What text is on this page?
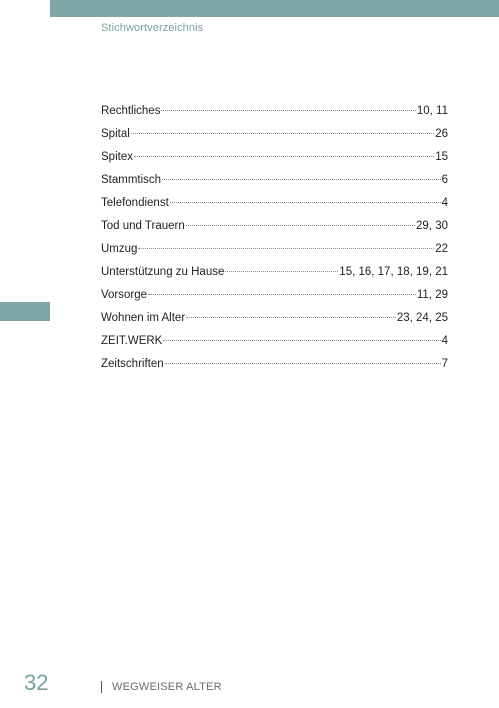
Stichwortverzeichnis
Rechtliches	10, 11
Spital	26
Spitex	15
Stammtisch	6
Telefondienst	4
Tod und Trauern	29, 30
Umzug	22
Unterstützung zu Hause	15, 16, 17, 18, 19, 21
Vorsorge	11, 29
Wohnen im Alter	23, 24, 25
ZEIT.WERK	4
Zeitschriften	7
32	WEGWEISER ALTER
